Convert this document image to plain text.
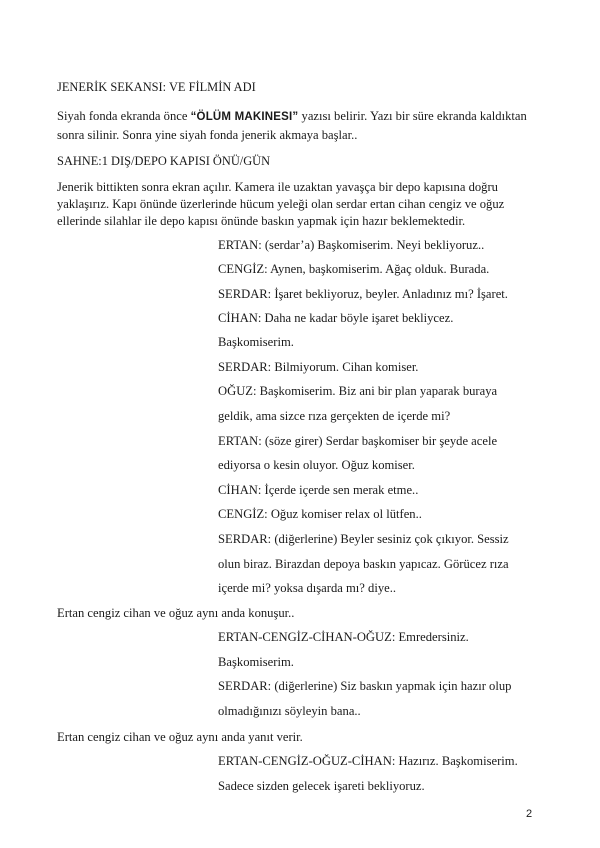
JENERİK SEKANSI: VE FİLMİN ADI
Siyah fonda ekranda önce “ÖLÜM MAKINESI” yazısı belirir. Yazı bir süre ekranda kaldıktan
sonra silinir. Sonra yine siyah fonda jenerik akmaya başlar..
SAHNE:1 DIŞ/DEPO KAPISI ÖNÜ/GÜN
Jenerik bittikten sonra ekran açılır. Kamera ile uzaktan yavaşça bir depo kapısına doğru
yaklaşırız. Kapı önünde üzerlerinde hücum yeleği olan serdar ertan cihan cengiz ve oğuz
ellerinde silahlar ile depo kapısı önünde baskın yapmak için hazır beklemektedir.
ERTAN: (serdar’a) Başkomiserim. Neyi bekliyoruz..
CENGİZ: Aynen, başkomiserim. Ağaç olduk. Burada.
SERDAR: İşaret bekliyoruz, beyler. Anladınız mı? İşaret.
CİHAN: Daha ne kadar böyle işaret bekliycez.
Başkomiserim.
SERDAR: Bilmiyorum. Cihan komiser.
OĞUZ: Başkomiserim. Biz ani bir plan yaparak buraya
geldik, ama sizce rıza gerçekten de içerde mi?
ERTAN: (söze girer) Serdar başkomiser bir şeyde acele
ediyorsa o kesin oluyor. Oğuz komiser.
CİHAN: İçerde içerde sen merak etme..
CENGİZ: Oğuz komiser relax ol lütfen..
SERDAR: (diğerlerine) Beyler sesiniz çok çıkıyor. Sessiz
olun biraz. Birazdan depoya baskın yapıcaz. Görücez rıza
içerde mi? yoksa dışarda mı? diye..
Ertan cengiz cihan ve oğuz aynı anda konuşur..
ERTAN-CENGİZ-CİHAN-OĞUZ: Emredersiniz.
Başkomiserim.
SERDAR: (diğerlerine) Siz baskın yapmak için hazır olup
olmadığınızı söyleyin bana..
Ertan cengiz cihan ve oğuz aynı anda yanıt verir.
ERTAN-CENGİZ-OĞUZ-CİHAN: Hazırız. Başkomiserim.
Sadece sizden gelecek işareti bekliyoruz.
2
